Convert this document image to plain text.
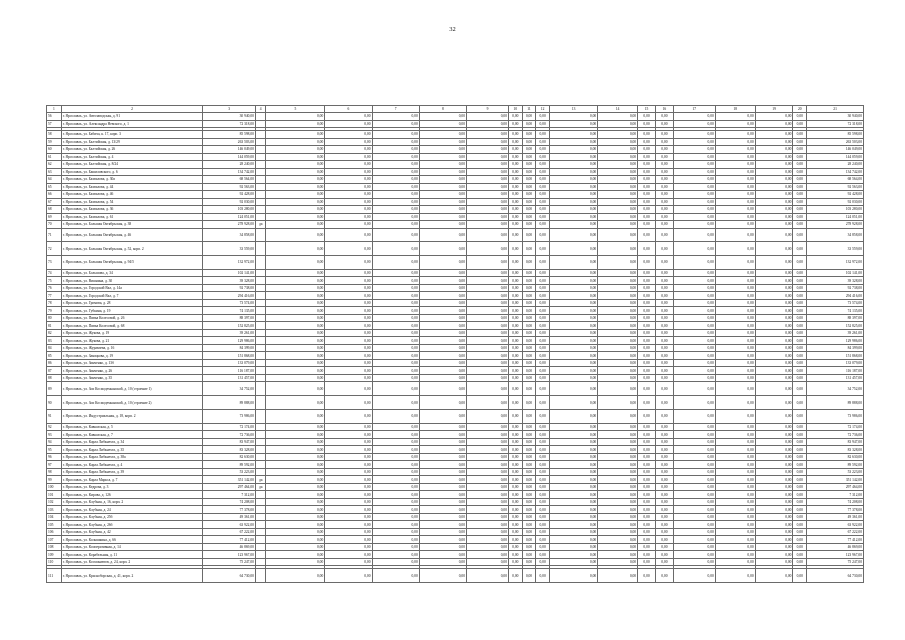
32
1	2	3	4	5	6	7	8	9	10	11	12	13	14	15	16	17	18	19	20	21
56	г. Ярославль, ул. Автозаводская, д. 91	30 940,00		0,00	0,00	0,00	0,00	0,00	0,00	0,00	0,00	0,00	0,00	0,00	0,00	0,00	0,00	0,00	0,00	30 940,00
57	г. Ярославль, ул. Александра Невского, д. 1	72 318,00		0,00	0,00	0,00	0,00	0,00	0,00	0,00	0,00	0,00	0,00	0,00	0,00	0,00	0,00	0,00	0,00	72 318,00

58	г. Ярославль, ул. Бабича, к. 17, корп. 3	85 598,00		0,00	0,00	0,00	0,00	0,00	0,00	0,00	0,00	0,00	0,00	0,00	0,00	0,00	0,00	0,00	0,00	85 598,00
59	г. Ярославль, ул. Балтийская, д. 13/29	263 503,00		0,00	0,00	0,00	0,00	0,00	0,00	0,00	0,00	0,00	0,00	0,00	0,00	0,00	0,00	0,00	0,00	263 503,00
60	г. Ярославль, ул. Балтийская, д. 26	146 049,00		0,00	0,00	0,00	0,00	0,00	0,00	0,00	0,00	0,00	0,00	0,00	0,00	0,00	0,00	0,00	0,00	146 049,00
61	г. Ярославль, ул. Балтийская, д. 4	144 059,00		0,00	0,00	0,00	0,00	0,00	0,00	0,00	0,00	0,00	0,00	0,00	0,00	0,00	0,00	0,00	0,00	144 059,00
62	г. Ярославль, ул. Балтийская, д. 8/24	28 240,00		0,00	0,00	0,00	0,00	0,00	0,00	0,00	0,00	0,00	0,00	0,00	0,00	0,00	0,00	0,00	0,00	28 240,00
63	г. Ярославль, ул. Башиловского, д. 6	134 742,00		0,00	0,00	0,00	0,00	0,00	0,00	0,00	0,00	0,00	0,00	0,00	0,00	0,00	0,00	0,00	0,00	134 742,00
64	г. Ярославль, ул. Бахвалова, д. 30а	68 564,00		0,00	0,00	0,00	0,00	0,00	0,00	0,00	0,00	0,00	0,00	0,00	0,00	0,00	0,00	0,00	0,00	68 564,00
65	г. Ярославль, ул. Бахвалова, д. 44	92 563,00		0,00	0,00	0,00	0,00	0,00	0,00	0,00	0,00	0,00	0,00	0,00	0,00	0,00	0,00	0,00	0,00	92 563,00
66	г. Ярославль, ул. Бахвалова, д. 46	92 428,00		0,00	0,00	0,00	0,00	0,00	0,00	0,00	0,00	0,00	0,00	0,00	0,00	0,00	0,00	0,00	0,00	92 428,00
67	г. Ярославль, ул. Бахвалова, д. 54	92 030,00		0,00	0,00	0,00	0,00	0,00	0,00	0,00	0,00	0,00	0,00	0,00	0,00	0,00	0,00	0,00	0,00	92 030,00
68	г. Ярославль, ул. Бахвалова, д. 36	103 280,00		0,00	0,00	0,00	0,00	0,00	0,00	0,00	0,00	0,00	0,00	0,00	0,00	0,00	0,00	0,00	0,00	103 280,00
69	г. Ярославль, ул. Бахвалова, д. 61	124 051,00		0,00	0,00	0,00	0,00	0,00	0,00	0,00	0,00	0,00	0,00	0,00	0,00	0,00	0,00	0,00	0,00	124 051,00
70	г. Ярославль, ул. Большая Октябрьская, д. 38	278 928,00	да	0,00	0,00	0,00	0,00	0,00	0,00	0,00	0,00	0,00	0,00	0,00	0,00	0,00	0,00	0,00	0,00	278 928,00
71	г. Ярославль, ул. Большая Октябрьская, д. 46	34 858,00		0,00	0,00	0,00	0,00	0,00	0,00	0,00	0,00	0,00	0,00	0,00	0,00	0,00	0,00	0,00	0,00	34 858,00
72	г. Ярославль, ул. Большая Октябрьская, д. 52, корп. 2	33 559,00		0,00	0,00	0,00	0,00	0,00	0,00	0,00	0,00	0,00	0,00	0,00	0,00	0,00	0,00	0,00	0,00	33 559,00
73	г. Ярославль, ул. Большая Октябрьская, д. 94/5	132 972,00		0,00	0,00	0,00	0,00	0,00	0,00	0,00	0,00	0,00	0,00	0,00	0,00	0,00	0,00	0,00	0,00	132 972,00
74	г. Ярославль, ул. Большова, д. 34	102 141,00		0,00	0,00	0,00	0,00	0,00	0,00	0,00	0,00	0,00	0,00	0,00	0,00	0,00	0,00	0,00	0,00	102 141,00
75	г. Ярославль, ул. Вишнина, д. 30	39 328,00		0,00	0,00	0,00	0,00	0,00	0,00	0,00	0,00	0,00	0,00	0,00	0,00	0,00	0,00	0,00	0,00	39 328,00
76	г. Ярославль, ул. Городской Вал, д. 14а	92 738,00		0,00	0,00	0,00	0,00	0,00	0,00	0,00	0,00	0,00	0,00	0,00	0,00	0,00	0,00	0,00	0,00	92 738,00
77	г. Ярославль, ул. Городской Вал, д. 7	294 416,00		0,00	0,00	0,00	0,00	0,00	0,00	0,00	0,00	0,00	0,00	0,00	0,00	0,00	0,00	0,00	0,00	294 416,00
78	г. Ярославль, ул. Громова, д. 28	73 574,00		0,00	0,00	0,00	0,00	0,00	0,00	0,00	0,00	0,00	0,00	0,00	0,00	0,00	0,00	0,00	0,00	73 574,00
79	г. Ярославль, ул. Губкина, д. 19	74 135,00		0,00	0,00	0,00	0,00	0,00	0,00	0,00	0,00	0,00	0,00	0,00	0,00	0,00	0,00	0,00	0,00	74 135,00
80	г. Ярославль, ул. Пивка Колесовой, д. 26	88 397,00		0,00	0,00	0,00	0,00	0,00	0,00	0,00	0,00	0,00	0,00	0,00	0,00	0,00	0,00	0,00	0,00	88 397,00
81	г. Ярославль, ул. Пивка Колесовой, д. 68	152 825,00		0,00	0,00	0,00	0,00	0,00	0,00	0,00	0,00	0,00	0,00	0,00	0,00	0,00	0,00	0,00	0,00	152 825,00
82	г. Ярославль, ул. Жукова, д. 19	39 261,00		0,00	0,00	0,00	0,00	0,00	0,00	0,00	0,00	0,00	0,00	0,00	0,00	0,00	0,00	0,00	0,00	39 261,00
83	г. Ярославль, ул. Жукова, д. 21	129 986,00		0,00	0,00	0,00	0,00	0,00	0,00	0,00	0,00	0,00	0,00	0,00	0,00	0,00	0,00	0,00	0,00	129 986,00
84	г. Ярославль, ул. Журавлева, д. 16	84 399,00		0,00	0,00	0,00	0,00	0,00	0,00	0,00	0,00	0,00	0,00	0,00	0,00	0,00	0,00	0,00	0,00	84 399,00
85	г. Ярославль, ул. Закоцкова, д. 19	151 868,00		0,00	0,00	0,00	0,00	0,00	0,00	0,00	0,00	0,00	0,00	0,00	0,00	0,00	0,00	0,00	0,00	151 868,00
86	г. Ярославль, ул. Зинченко, д. 13б	133 079,00		0,00	0,00	0,00	0,00	0,00	0,00	0,00	0,00	0,00	0,00	0,00	0,00	0,00	0,00	0,00	0,00	133 079,00
87	г. Ярославль, ул. Зинченко, д. 26	116 187,00		0,00	0,00	0,00	0,00	0,00	0,00	0,00	0,00	0,00	0,00	0,00	0,00	0,00	0,00	0,00	0,00	116 187,00
88	г. Ярославль, ул. Зинченко, д. 35	131 457,00		0,00	0,00	0,00	0,00	0,00	0,00	0,00	0,00	0,00	0,00	0,00	0,00	0,00	0,00	0,00	0,00	131 457,00
89	г. Ярославль, ул. Зои Космодемьянской, д. 10 (строение 1)	34 752,00		0,00	0,00	0,00	0,00	0,00	0,00	0,00	0,00	0,00	0,00	0,00	0,00	0,00	0,00	0,00	0,00	34 752,00
90	г. Ярославль, ул. Зои Космодемьянской, д. 10 (строение 2)	89 888,00		0,00	0,00	0,00	0,00	0,00	0,00	0,00	0,00	0,00	0,00	0,00	0,00	0,00	0,00	0,00	0,00	89 888,00
91	г. Ярославль, ул. Индустриальная, д. 18, корп. 2	73 986,00		0,00	0,00	0,00	0,00	0,00	0,00	0,00	0,00	0,00	0,00	0,00	0,00	0,00	0,00	0,00	0,00	73 986,00
92	г. Ярославль, ул. Кавказская, д. 5	72 174,00		0,00	0,00	0,00	0,00	0,00	0,00	0,00	0,00	0,00	0,00	0,00	0,00	0,00	0,00	0,00	0,00	72 174,00
93	г. Ярославль, ул. Кавказская, д. 7	72 736,00		0,00	0,00	0,00	0,00	0,00	0,00	0,00	0,00	0,00	0,00	0,00	0,00	0,00	0,00	0,00	0,00	72 736,00
94	г. Ярославль, ул. Карла Либкнехта, д. 34	83 947,00		0,00	0,00	0,00	0,00	0,00	0,00	0,00	0,00	0,00	0,00	0,00	0,00	0,00	0,00	0,00	0,00	83 947,00
95	г. Ярославль, ул. Карла Либкнехта, д. 35	83 328,00		0,00	0,00	0,00	0,00	0,00	0,00	0,00	0,00	0,00	0,00	0,00	0,00	0,00	0,00	0,00	0,00	83 328,00
96	г. Ярославль, ул. Карла Либкнехта, д. 38а	82 630,00		0,00	0,00	0,00	0,00	0,00	0,00	0,00	0,00	0,00	0,00	0,00	0,00	0,00	0,00	0,00	0,00	82 630,00
97	г. Ярославль, ул. Карла Либкнехта, д. 4	89 592,00		0,00	0,00	0,00	0,00	0,00	0,00	0,00	0,00	0,00	0,00	0,00	0,00	0,00	0,00	0,00	0,00	89 592,00
98	г. Ярославль, ул. Карла Либкнехта, д. 39	53 223,00		0,00	0,00	0,00	0,00	0,00	0,00	0,00	0,00	0,00	0,00	0,00	0,00	0,00	0,00	0,00	0,00	53 223,00
99	г. Ярославль, ул. Карла Маркса, д. 7	351 142,00	да	0,00	0,00	0,00	0,00	0,00	0,00	0,00	0,00	0,00	0,00	0,00	0,00	0,00	0,00	0,00	0,00	351 142,00
100	г. Ярославль, ул. Кедрова, д. 3	297 464,00	да	0,00	0,00	0,00	0,00	0,00	0,00	0,00	0,00	0,00	0,00	0,00	0,00	0,00	0,00	0,00	0,00	297 464,00
101	г. Ярославль, ул. Кирова, д. 126	7 312,00		0,00	0,00	0,00	0,00	0,00	0,00	0,00	0,00	0,00	0,00	0,00	0,00	0,00	0,00	0,00	0,00	7 312,00
102	г. Ярославль, ул. Клубная, д. 16, корп. 2	74 208,00		0,00	0,00	0,00	0,00	0,00	0,00	0,00	0,00	0,00	0,00	0,00	0,00	0,00	0,00	0,00	0,00	74 208,00
103	г. Ярославль, ул. Клубная, д. 24	77 378,00		0,00	0,00	0,00	0,00	0,00	0,00	0,00	0,00	0,00	0,00	0,00	0,00	0,00	0,00	0,00	0,00	77 378,00
104	г. Ярославль, ул. Клубная, д. 25б	49 361,00		0,00	0,00	0,00	0,00	0,00	0,00	0,00	0,00	0,00	0,00	0,00	0,00	0,00	0,00	0,00	0,00	49 361,00
105	г. Ярославль, ул. Клубная, д. 26б	63 922,00		0,00	0,00	0,00	0,00	0,00	0,00	0,00	0,00	0,00	0,00	0,00	0,00	0,00	0,00	0,00	0,00	63 922,00
106	г. Ярославль, ул. Клубная, д. 42	67 222,00		0,00	0,00	0,00	0,00	0,00	0,00	0,00	0,00	0,00	0,00	0,00	0,00	0,00	0,00	0,00	0,00	67 222,00
107	г. Ярославль, ул. Колышкина, д. 66	77 412,00		0,00	0,00	0,00	0,00	0,00	0,00	0,00	0,00	0,00	0,00	0,00	0,00	0,00	0,00	0,00	0,00	77 412,00
108	г. Ярославль, ул. Кооперативная, д. 14	46 869,00		0,00	0,00	0,00	0,00	0,00	0,00	0,00	0,00	0,00	0,00	0,00	0,00	0,00	0,00	0,00	0,00	46 869,00
109	г. Ярославль, ул. Корабельная, д. 11	123 967,00		0,00	0,00	0,00	0,00	0,00	0,00	0,00	0,00	0,00	0,00	0,00	0,00	0,00	0,00	0,00	0,00	123 967,00
110	г. Ярославль, ул. Космонавтов, д. 24, корп. 2	75 247,00		0,00	0,00	0,00	0,00	0,00	0,00	0,00	0,00	0,00	0,00	0,00	0,00	0,00	0,00	0,00	0,00	75 247,00

111	г. Ярославль, ул. Красноборская, д. 41, корп. 2	64 730,00		0,00	0,00	0,00	0,00	0,00	0,00	0,00	0,00	0,00	0,00	0,00	0,00	0,00	0,00	0,00	0,00	64 730,00
